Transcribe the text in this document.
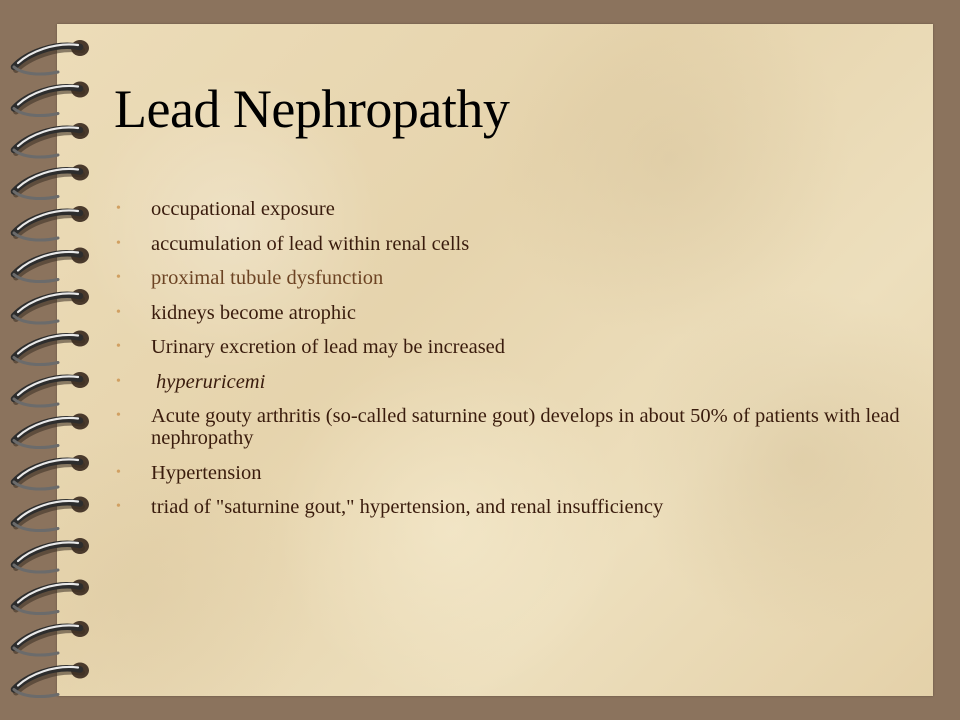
Lead Nephropathy
• occupational exposure
• accumulation of lead within renal cells
• proximal tubule dysfunction
• kidneys become atrophic
• Urinary excretion of lead may be increased
• hyperuricemi
• Acute gouty arthritis (so-called saturnine gout) develops in about 50% of patients with lead nephropathy
• Hypertension
• triad of "saturnine gout," hypertension, and renal insufficiency
